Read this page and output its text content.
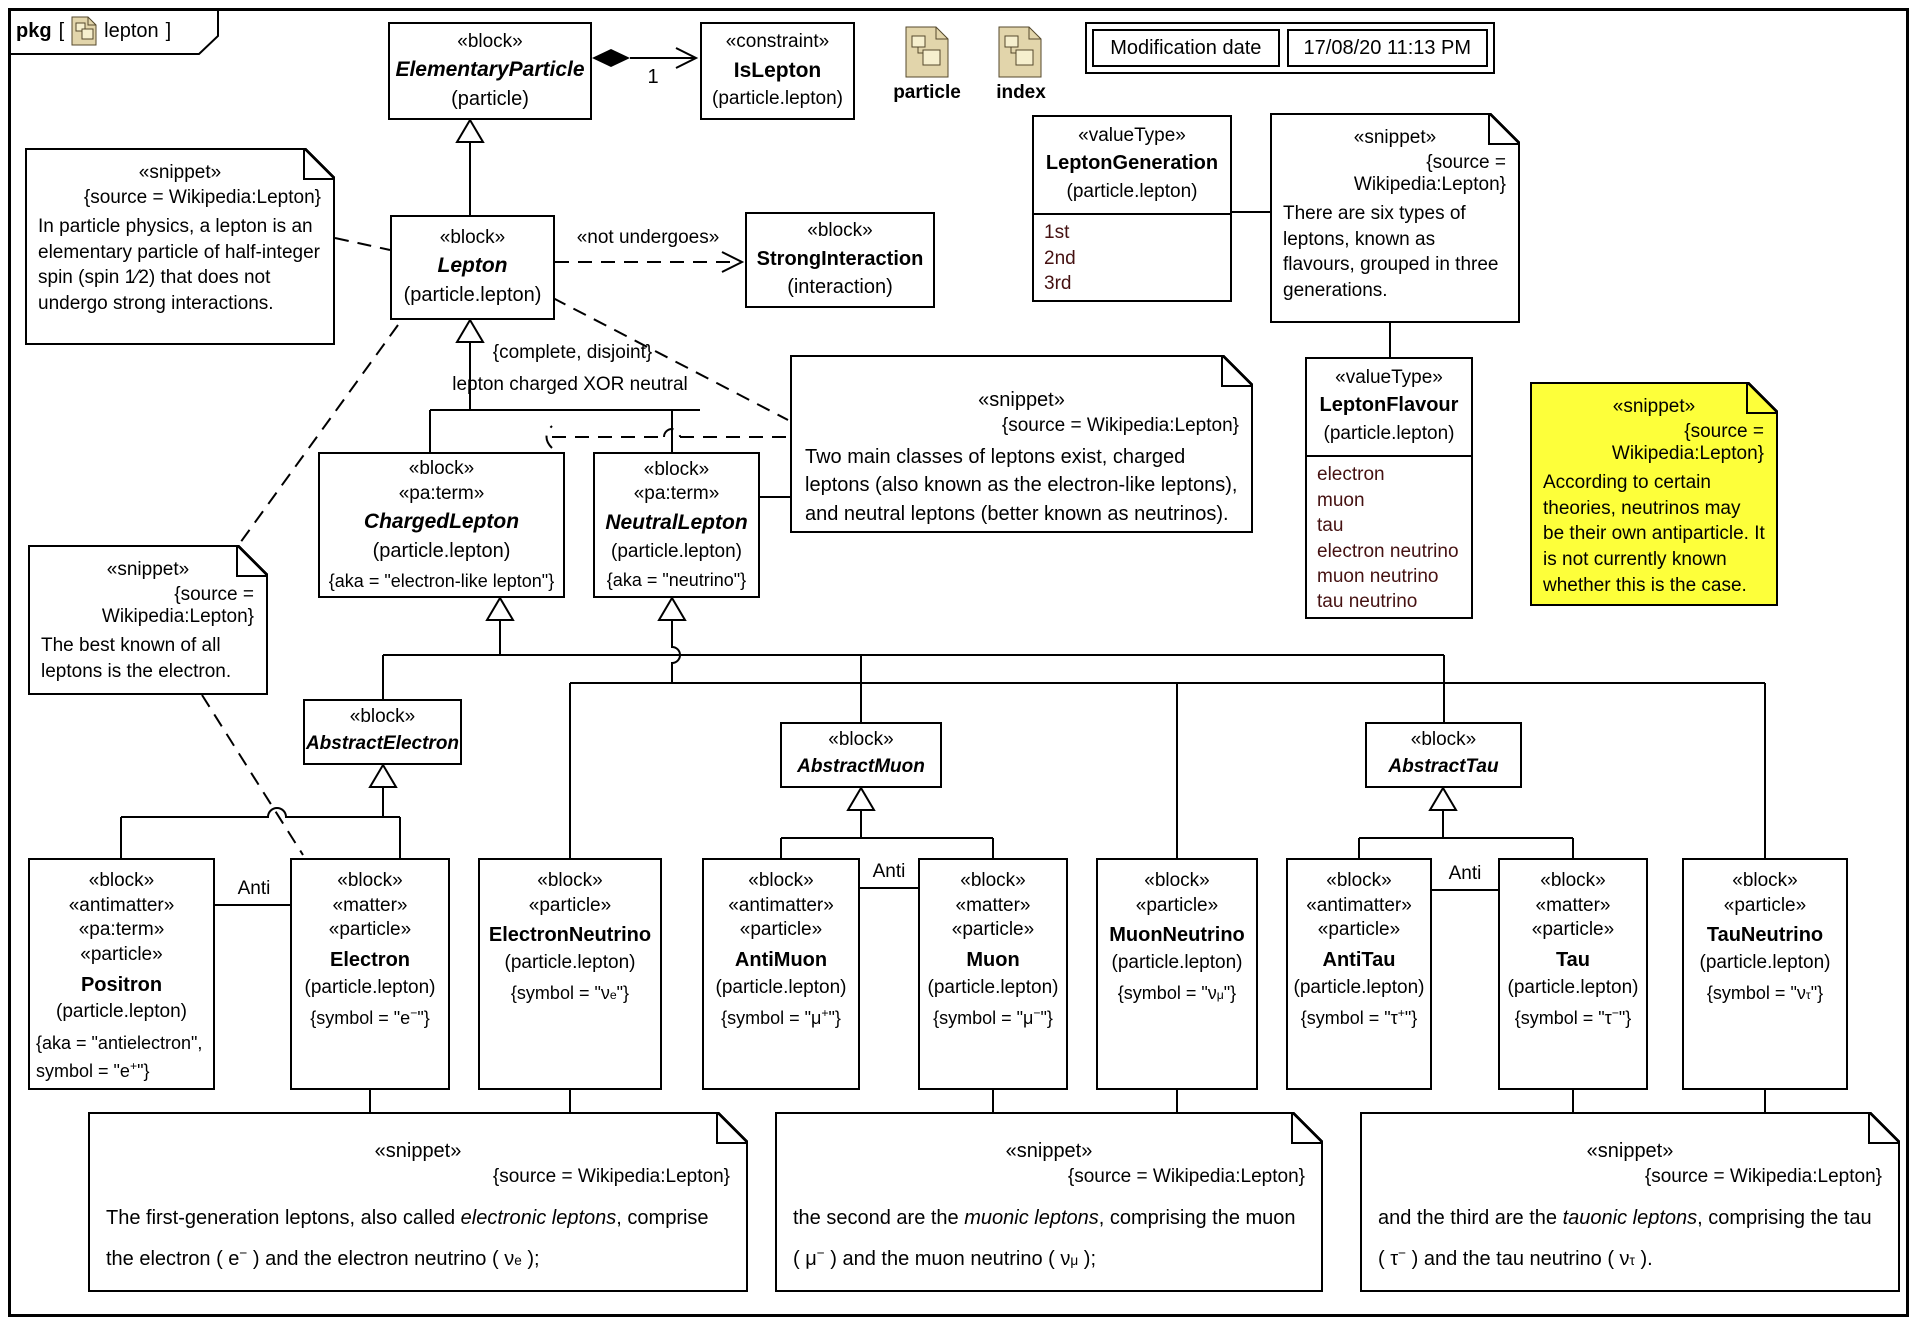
pkg [ lepton ]
particle	index
Modification date	17/08/20 11:13 PM
«block»
ElementaryParticle
(particle)
«constraint»
IsLepton
(particle.lepton)
1
«block»
Lepton
(particle.lepton)
«not undergoes»	«block»
StrongInteraction
(interaction)
«valueType»
LeptonGeneration
(particle.lepton)
1st
2nd
3rd
«valueType»
LeptonFlavour
(particle.lepton)
electron
muon
tau
electron neutrino
muon neutrino
tau neutrino
{complete, disjoint}
lepton charged XOR neutral
«block»
«pa:term»
ChargedLepton
(particle.lepton)
{aka = "electron-like lepton"}
«block»
«pa:term»
NeutralLepton
(particle.lepton)
{aka = "neutrino"}
«block»
AbstractElectron	«block»
AbstractMuon
«block»
AbstractTau
Anti
Anti	Anti
«block»
«antimatter»
«pa:term»
«particle»
Positron
(particle.lepton)
{aka = "antielectron",
symbol = "e+"}
«block»
«matter»
«particle»
Electron
(particle.lepton)
{symbol = "e−"}
«block»
«particle»
ElectronNeutrino
(particle.lepton)
{symbol = "$\nu_e$"}
«block»
«antimatter»
«particle»
AntiMuon
(particle.lepton)
{symbol = "μ+"}
«block»
«matter»
«particle»
Muon
(particle.lepton)
{symbol = "μ−"}
«block»
«particle»
MuonNeutrino
(particle.lepton)
{symbol = "$\nu_\mu$"}
«block»
«antimatter»
«particle»
AntiTau
(particle.lepton)
{symbol = "τ+"}
«block»
«matter»
«particle»
Tau
(particle.lepton)
{symbol = "τ−"}
«block»
«particle»
TauNeutrino
(particle.lepton)
{symbol = "$\nu_\tau$"}
«snippet»
{source = Wikipedia:Lepton}
In particle physics, a lepton is an elementary particle of half-integer spin (spin 1⁄2) that does not undergo strong interactions.
«snippet»
{source = Wikipedia:Lepton}
There are six types of leptons, known as flavours, grouped in three generations.
«snippet»
{source = Wikipedia:Lepton}
Two main classes of leptons exist, charged leptons (also known as the electron-like leptons), and neutral leptons (better known as neutrinos).
«snippet»
{source = Wikipedia:Lepton}
According to certain theories, neutrinos may be their own antiparticle. It is not currently known whether this is the case.
«snippet»
{source = Wikipedia:Lepton}
The best known of all leptons is the electron.
«snippet»
{source = Wikipedia:Lepton}
The first-generation leptons, also called electronic leptons, comprise the electron ( e− ) and the electron neutrino ( $\nu_e$ );
«snippet»
{source = Wikipedia:Lepton}
the second are the muonic leptons, comprising the muon ( μ− ) and the muon neutrino ( $\nu_\mu$ );
«snippet»
{source = Wikipedia:Lepton}
and the third are the tauonic leptons, comprising the tau ( τ− ) and the tau neutrino ( $\nu_\tau$ ).
